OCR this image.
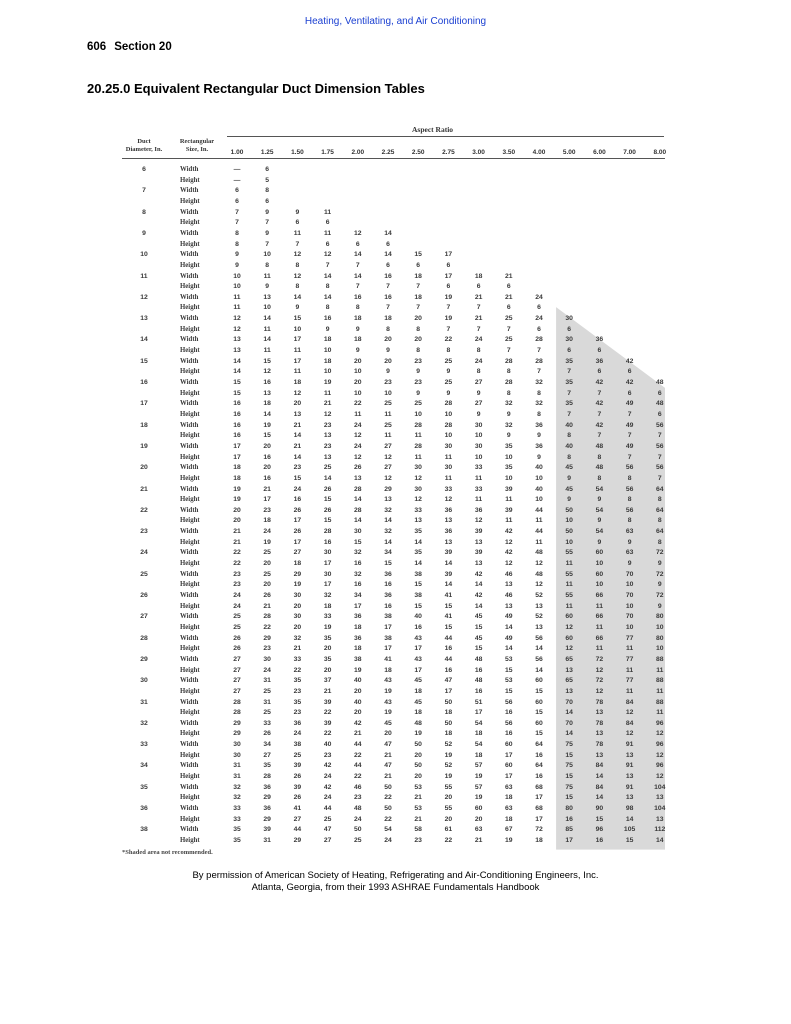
Heating, Ventilating, and Air Conditioning
606 Section 20
20.25.0 Equivalent Rectangular Duct Dimension Tables
Aspect Ratio
Duct
Diameter, In.
Rectangular
Size, In.	1.00	1.25	1.50	1.75	2.00	2.25	2.50	2.75	3.00	3.50	4.00	5.00	6.00	7.00	8.00
6	Width	—	6
Height	—	5
7	Width	6	8
Height	6	6
8	Width	7	9	9	11
Height	7	7	6	6
9	Width	8	9	11	11	12	14
Height	8	7	7	6	6	6
10	Width	9	10	12	12	14	14	15	17
Height	9	8	8	7	7	6	6	6
11	Width	10	11	12	14	14	16	18	17	18	21
Height	10	9	8	8	7	7	7	6	6	6
12	Width	11	13	14	14	16	16	18	19	21	21	24
Height	11	10	9	8	8	7	7	7	7	6	6
13	Width	12	14	15	16	18	18	20	19	21	25	24	30
Height	12	11	10	9	9	8	8	7	7	7	6	6
14	Width	13	14	17	18	18	20	20	22	24	25	28	30	36
Height	13	11	11	10	9	9	8	8	8	7	7	6	6
15	Width	14	15	17	18	20	20	23	25	24	28	28	35	36	42
Height	14	12	11	10	10	9	9	9	8	8	7	7	6	6
16	Width	15	16	18	19	20	23	23	25	27	28	32	35	42	42	48
Height	15	13	12	11	10	10	9	9	9	8	8	7	7	6	6
17	Width	16	18	20	21	22	25	25	28	27	32	32	35	42	49	48
Height	16	14	13	12	11	11	10	10	9	9	8	7	7	7	6
18	Width	16	19	21	23	24	25	28	28	30	32	36	40	42	49	56
Height	16	15	14	13	12	11	11	10	10	9	9	8	7	7	7
19	Width	17	20	21	23	24	27	28	30	30	35	36	40	48	49	56
Height	17	16	14	13	12	12	11	11	10	10	9	8	8	7	7
20	Width	18	20	23	25	26	27	30	30	33	35	40	45	48	56	56
Height	18	16	15	14	13	12	12	11	11	10	10	9	8	8	7
21	Width	19	21	24	26	28	29	30	33	33	39	40	45	54	56	64
Height	19	17	16	15	14	13	12	12	11	11	10	9	9	8	8
22	Width	20	23	26	26	28	32	33	36	36	39	44	50	54	56	64
Height	20	18	17	15	14	14	13	13	12	11	11	10	9	8	8
23	Width	21	24	26	28	30	32	35	36	39	42	44	50	54	63	64
Height	21	19	17	16	15	14	14	13	13	12	11	10	9	9	8
24	Width	22	25	27	30	32	34	35	39	39	42	48	55	60	63	72
Height	22	20	18	17	16	15	14	14	13	12	12	11	10	9	9
25	Width	23	25	29	30	32	36	38	39	42	46	48	55	60	70	72
Height	23	20	19	17	16	16	15	14	14	13	12	11	10	10	9
26	Width	24	26	30	32	34	36	38	41	42	46	52	55	66	70	72
Height	24	21	20	18	17	16	15	15	14	13	13	11	11	10	9
27	Width	25	28	30	33	36	38	40	41	45	49	52	60	66	70	80
Height	25	22	20	19	18	17	16	15	15	14	13	12	11	10	10
28	Width	26	29	32	35	36	38	43	44	45	49	56	60	66	77	80
Height	26	23	21	20	18	17	17	16	15	14	14	12	11	11	10
29	Width	27	30	33	35	38	41	43	44	48	53	56	65	72	77	88
Height	27	24	22	20	19	18	17	16	16	15	14	13	12	11	11
30	Width	27	31	35	37	40	43	45	47	48	53	60	65	72	77	88
Height	27	25	23	21	20	19	18	17	16	15	15	13	12	11	11
31	Width	28	31	35	39	40	43	45	50	51	56	60	70	78	84	88
Height	28	25	23	22	20	19	18	18	17	16	15	14	13	12	11
32	Width	29	33	36	39	42	45	48	50	54	56	60	70	78	84	96
Height	29	26	24	22	21	20	19	18	18	16	15	14	13	12	12
33	Width	30	34	38	40	44	47	50	52	54	60	64	75	78	91	96
Height	30	27	25	23	22	21	20	19	18	17	16	15	13	13	12
34	Width	31	35	39	42	44	47	50	52	57	60	64	75	84	91	96
Height	31	28	26	24	22	21	20	19	19	17	16	15	14	13	12
35	Width	32	36	39	42	46	50	53	55	57	63	68	75	84	91	104
Height	32	29	26	24	23	22	21	20	19	18	17	15	14	13	13
36	Width	33	36	41	44	48	50	53	55	60	63	68	80	90	98	104
Height	33	29	27	25	24	22	21	20	20	18	17	16	15	14	13
38	Width	35	39	44	47	50	54	58	61	63	67	72	85	96	105	112
Height	35	31	29	27	25	24	23	22	21	19	18	17	16	15	14
*Shaded area not recommended.
By permission of American Society of Heating, Refrigerating and Air-Conditioning Engineers, Inc.
Atlanta, Georgia, from their 1993 ASHRAE Fundamentals Handbook
